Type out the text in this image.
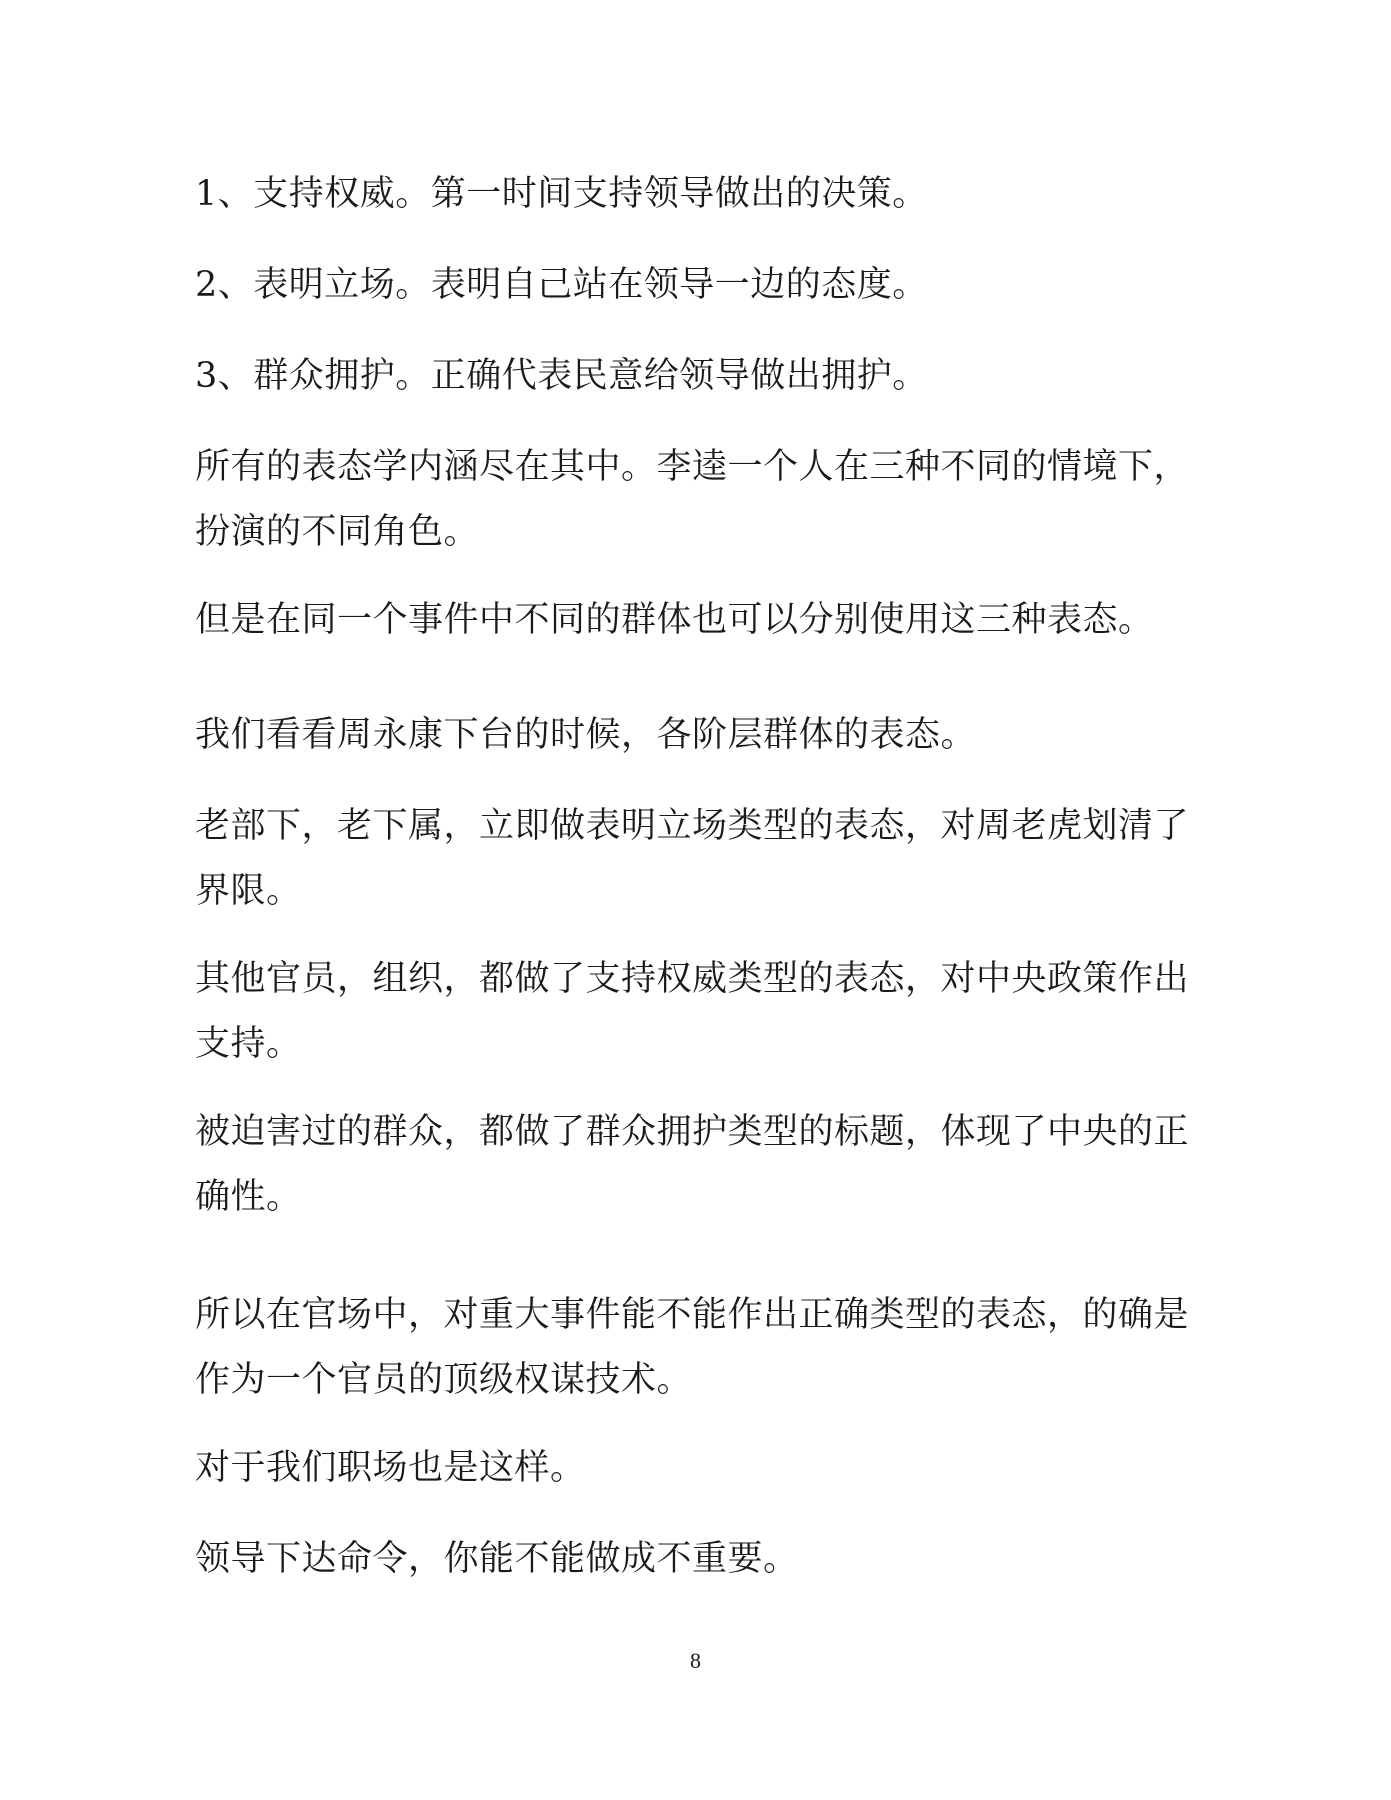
1、支持权威。第一时间支持领导做出的决策。

2、表明立场。表明自己站在领导一边的态度。

3、群众拥护。正确代表民意给领导做出拥护。

所有的表态学内涵尽在其中。李逵一个人在三种不同的情境下，扮演的不同角色。

但是在同一个事件中不同的群体也可以分别使用这三种表态。

我们看看周永康下台的时候，各阶层群体的表态。

老部下，老下属，立即做表明立场类型的表态，对周老虎划清了界限。

其他官员，组织，都做了支持权威类型的表态，对中央政策作出支持。

被迫害过的群众，都做了群众拥护类型的标题，体现了中央的正确性。

所以在官场中，对重大事件能不能作出正确类型的表态，的确是作为一个官员的顶级权谋技术。

对于我们职场也是这样。

领导下达命令，你能不能做成不重要。

8
